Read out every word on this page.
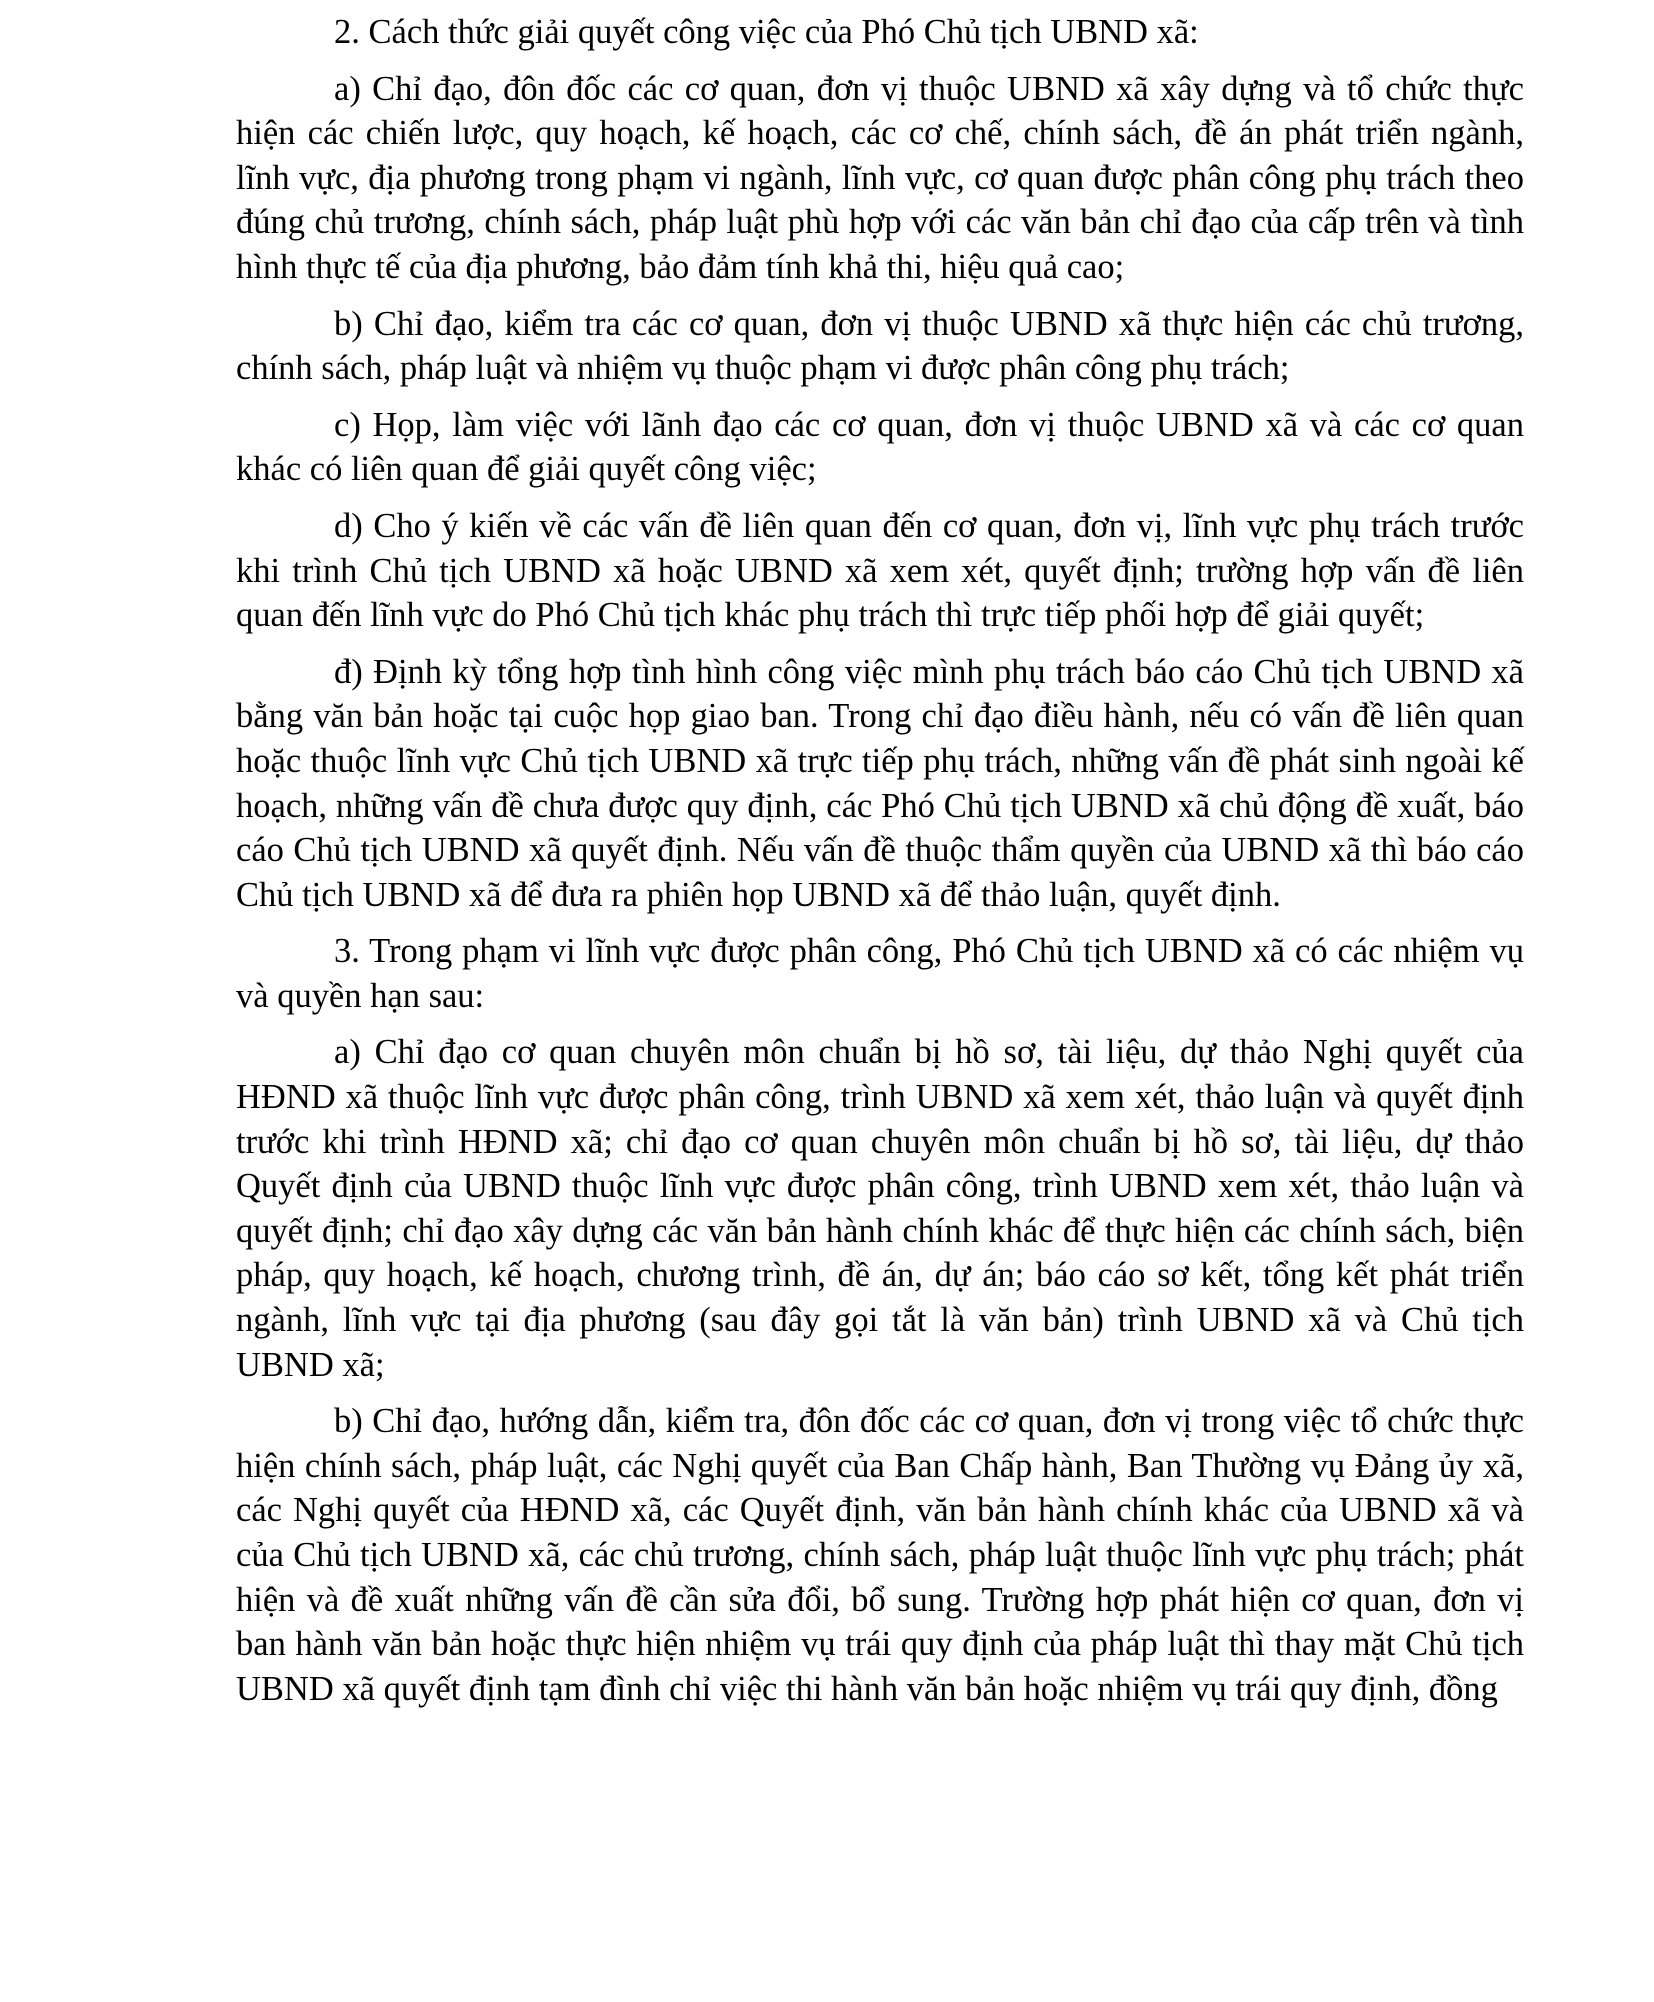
2. Cách thức giải quyết công việc của Phó Chủ tịch UBND xã:

a) Chỉ đạo, đôn đốc các cơ quan, đơn vị thuộc UBND xã xây dựng và tổ chức thực hiện các chiến lược, quy hoạch, kế hoạch, các cơ chế, chính sách, đề án phát triển ngành, lĩnh vực, địa phương trong phạm vi ngành, lĩnh vực, cơ quan được phân công phụ trách theo đúng chủ trương, chính sách, pháp luật phù hợp với các văn bản chỉ đạo của cấp trên và tình hình thực tế của địa phương, bảo đảm tính khả thi, hiệu quả cao;

b) Chỉ đạo, kiểm tra các cơ quan, đơn vị thuộc UBND xã thực hiện các chủ trương, chính sách, pháp luật và nhiệm vụ thuộc phạm vi được phân công phụ trách;

c) Họp, làm việc với lãnh đạo các cơ quan, đơn vị thuộc UBND xã và các cơ quan khác có liên quan để giải quyết công việc;

d) Cho ý kiến về các vấn đề liên quan đến cơ quan, đơn vị, lĩnh vực phụ trách trước khi trình Chủ tịch UBND xã hoặc UBND xã xem xét, quyết định; trường hợp vấn đề liên quan đến lĩnh vực do Phó Chủ tịch khác phụ trách thì trực tiếp phối hợp để giải quyết;

đ) Định kỳ tổng hợp tình hình công việc mình phụ trách báo cáo Chủ tịch UBND xã bằng văn bản hoặc tại cuộc họp giao ban. Trong chỉ đạo điều hành, nếu có vấn đề liên quan hoặc thuộc lĩnh vực Chủ tịch UBND xã trực tiếp phụ trách, những vấn đề phát sinh ngoài kế hoạch, những vấn đề chưa được quy định, các Phó Chủ tịch UBND xã chủ động đề xuất, báo cáo Chủ tịch UBND xã quyết định. Nếu vấn đề thuộc thẩm quyền của UBND xã thì báo cáo Chủ tịch UBND xã để đưa ra phiên họp UBND xã để thảo luận, quyết định.

3. Trong phạm vi lĩnh vực được phân công, Phó Chủ tịch UBND xã có các nhiệm vụ và quyền hạn sau:

a) Chỉ đạo cơ quan chuyên môn chuẩn bị hồ sơ, tài liệu, dự thảo Nghị quyết của HĐND xã thuộc lĩnh vực được phân công, trình UBND xã xem xét, thảo luận và quyết định trước khi trình HĐND xã; chỉ đạo cơ quan chuyên môn chuẩn bị hồ sơ, tài liệu, dự thảo Quyết định của UBND thuộc lĩnh vực được phân công, trình UBND xem xét, thảo luận và quyết định; chỉ đạo xây dựng các văn bản hành chính khác để thực hiện các chính sách, biện pháp, quy hoạch, kế hoạch, chương trình, đề án, dự án; báo cáo sơ kết, tổng kết phát triển ngành, lĩnh vực tại địa phương (sau đây gọi tắt là văn bản) trình UBND xã và Chủ tịch UBND xã;

b) Chỉ đạo, hướng dẫn, kiểm tra, đôn đốc các cơ quan, đơn vị trong việc tổ chức thực hiện chính sách, pháp luật, các Nghị quyết của Ban Chấp hành, Ban Thường vụ Đảng ủy xã, các Nghị quyết của HĐND xã, các Quyết định, văn bản hành chính khác của UBND xã và của Chủ tịch UBND xã, các chủ trương, chính sách, pháp luật thuộc lĩnh vực phụ trách; phát hiện và đề xuất những vấn đề cần sửa đổi, bổ sung. Trường hợp phát hiện cơ quan, đơn vị ban hành văn bản hoặc thực hiện nhiệm vụ trái quy định của pháp luật thì thay mặt Chủ tịch UBND xã quyết định tạm đình chỉ việc thi hành văn bản hoặc nhiệm vụ trái quy định, đồng
